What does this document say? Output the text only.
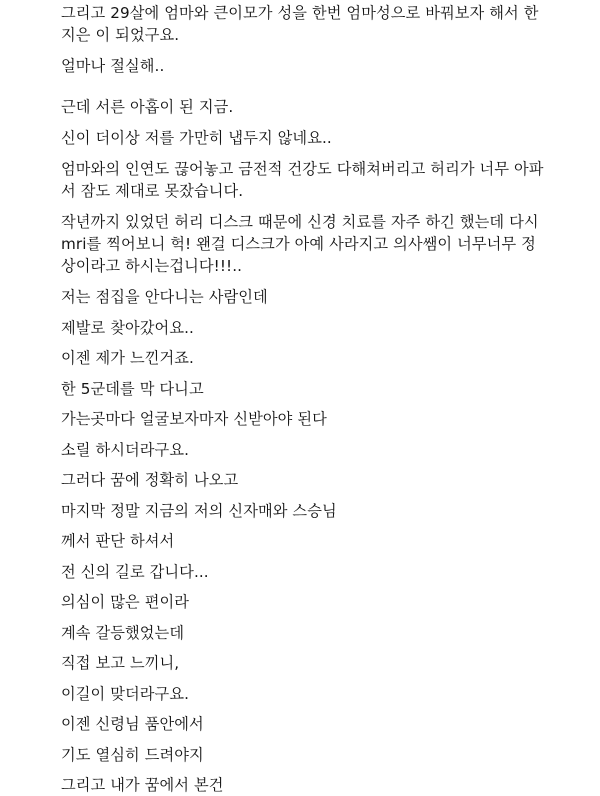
그리고 29살에 엄마와 큰이모가 성을 한번 엄마성으로 바꿔보자 해서 한
지은 이 되었구요.
얼마나 절실해..
근데 서른 아홉이 된 지금.
신이 더이상 저를 가만히 냅두지 않네요..
엄마와의 인연도 끊어놓고 금전적 건강도 다해쳐버리고 허리가 너무 아파
서 잠도 제대로 못잤습니다.
작년까지 있었던 허리 디스크 때문에 신경 치료를 자주 하긴 했는데 다시
mri를 찍어보니 헉! 왠걸 디스크가 아예 사라지고 의사쌤이 너무너무 정
상이라고 하시는겁니다!!!..
저는 점집을 안다니는 사람인데
제발로 찾아갔어요..
이젠 제가 느낀거죠.
한 5군데를 막 다니고
가는곳마다 얼굴보자마자 신받아야 된다
소릴 하시더라구요.
그러다 꿈에 정확히 나오고
마지막 정말 지금의 저의 신자매와 스승님
께서 판단 하셔서
전 신의 길로 갑니다...
의심이 많은 편이라
계속 갈등했었는데
직접 보고 느끼니,
이길이 맞더라구요.
이젠 신령님 품안에서
기도 열심히 드려야지
그리고 내가 꿈에서 본건
